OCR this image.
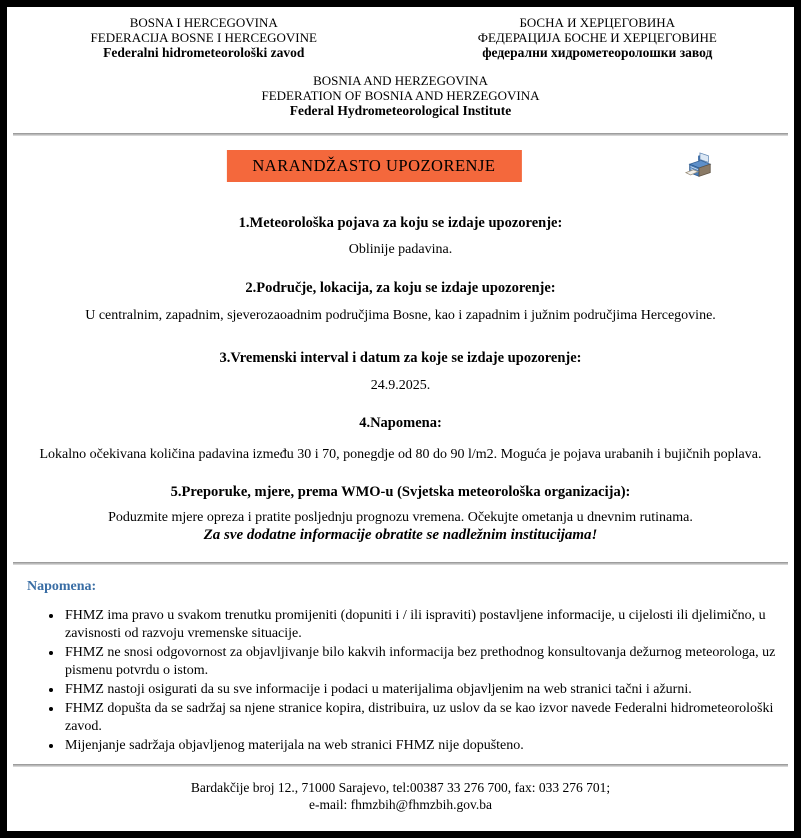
BOSNA I HERCEGOVINA
FEDERACIJA BOSNE I HERCEGOVINE
Federalni hidrometeorološki zavod
БОСНА И ХЕРЦЕГОВИНА
ФЕДЕРАЦИЈА БОСНЕ И ХЕРЦЕГОВИНЕ
федерални хидрометеоролошки завод
BOSNIA AND HERZEGOVINA
FEDERATION OF BOSNIA AND HERZEGOVINA
Federal Hydrometeorological Institute
NARANDŽASTO UPOZORENJE
1.Meteorološka pojava za koju se izdaje upozorenje:
Oblinije padavina.
2.Područje, lokacija, za koju se izdaje upozorenje:
U centralnim, zapadnim, sjeverozaoadnim područjima Bosne, kao i zapadnim i južnim područjima Hercegovine.
3.Vremenski interval i datum za koje se izdaje upozorenje:
24.9.2025.
4.Napomena:
Lokalno očekivana količina padavina između 30 i 70, ponegdje od 80 do 90 l/m2. Moguća je pojava urabanih i bujičnih poplava.
5.Preporuke, mjere, prema WMO-u (Svjetska meteorološka organizacija):
Poduzmite mjere opreza i pratite posljednju prognozu vremena. Očekujte ometanja u dnevnim rutinama.
Za sve dodatne informacije obratite se nadležnim institucijama!
Napomena:
• FHMZ ima pravo u svakom trenutku promijeniti (dopuniti i / ili ispraviti) postavljene informacije, u cijelosti ili djelimično, u zavisnosti od razvoju vremenske situacije.
• FHMZ ne snosi odgovornost za objavljivanje bilo kakvih informacija bez prethodnog konsultovanja dežurnog meteorologa, uz pismenu potvrdu o istom.
• FHMZ nastoji osigurati da su sve informacije i podaci u materijalima objavljenim na web stranici tačni i ažurni.
• FHMZ dopušta da se sadržaj sa njene stranice kopira, distribuira, uz uslov da se kao izvor navede Federalni hidrometeorološki zavod.
• Mijenjanje sadržaja objavljenog materijala na web stranici FHMZ nije dopušteno.
Bardakčije broj 12., 71000 Sarajevo, tel:00387 33 276 700, fax: 033 276 701;
e-mail: fhmzbih@fhmzbih.gov.ba
